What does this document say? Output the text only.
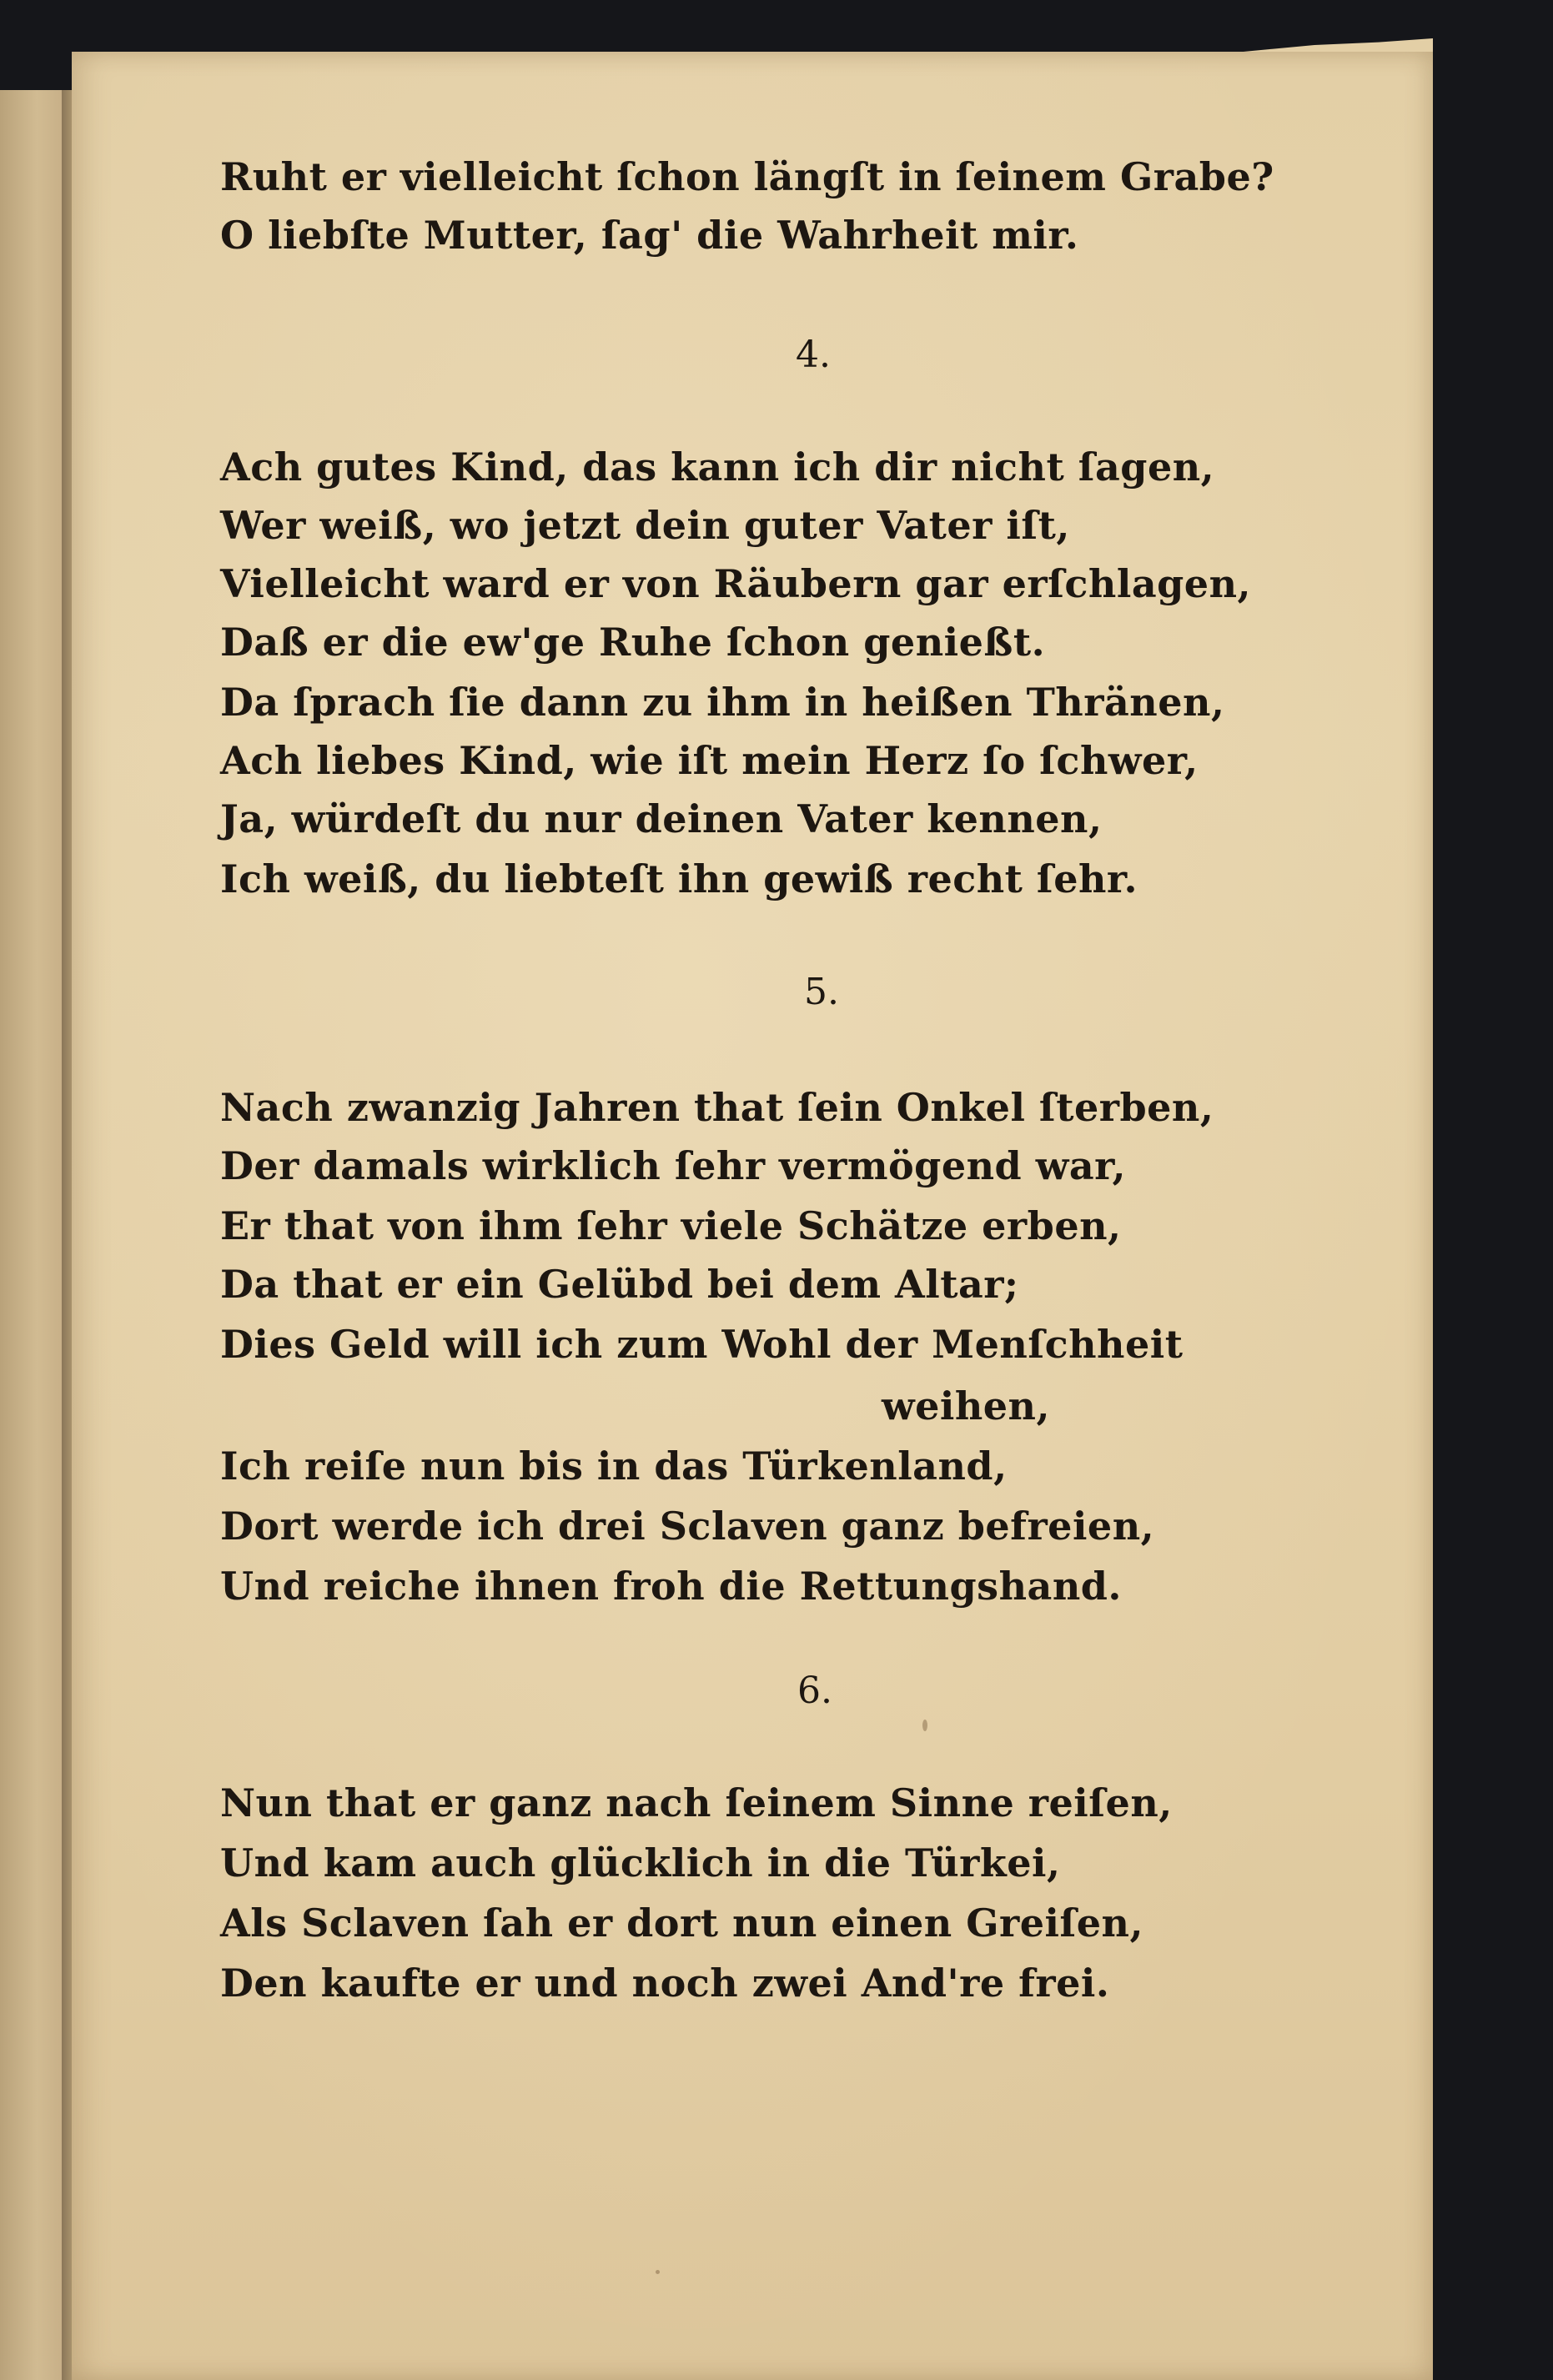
Ruht er vielleicht ſchon längſt in ſeinem Grabe?
O liebſte Mutter, ſag' die Wahrheit mir.
4.
Ach gutes Kind, das kann ich dir nicht ſagen,
Wer weiß, wo jetzt dein guter Vater iſt,
Vielleicht ward er von Räubern gar erſchlagen,
Daß er die ew'ge Ruhe ſchon genießt.
Da ſprach ſie dann zu ihm in heißen Thränen,
Ach liebes Kind, wie iſt mein Herz ſo ſchwer,
Ja, würdeſt du nur deinen Vater kennen,
Ich weiß, du liebteſt ihn gewiß recht ſehr.
5.
Nach zwanzig Jahren that ſein Onkel ſterben,
Der damals wirklich ſehr vermögend war,
Er that von ihm ſehr viele Schätze erben,
Da that er ein Gelübd bei dem Altar;
Dies Geld will ich zum Wohl der Menſchheit
weihen,
Ich reiſe nun bis in das Türkenland,
Dort werde ich drei Sclaven ganz befreien,
Und reiche ihnen froh die Rettungshand.
6.
Nun that er ganz nach ſeinem Sinne reiſen,
Und kam auch glücklich in die Türkei,
Als Sclaven ſah er dort nun einen Greiſen,
Den kaufte er und noch zwei And're frei.
